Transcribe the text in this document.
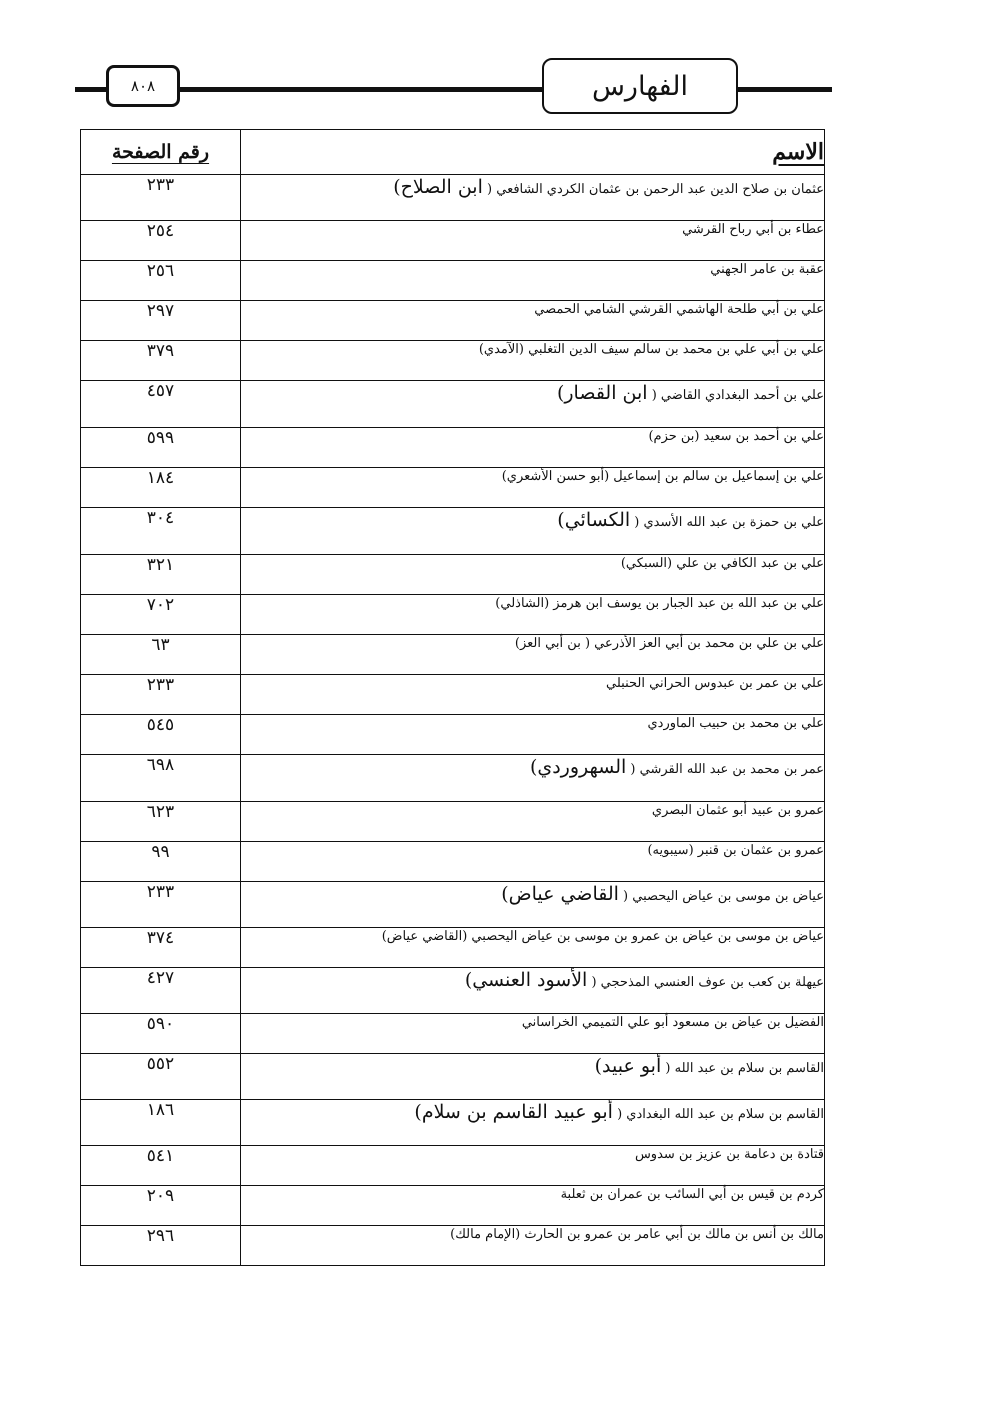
٨٠٨	الفهارس
الاسم	رقم الصفحة
عثمان بن صلاح الدين عبد الرحمن بن عثمان الكردي الشافعي ( ابن الصلاح)	٢٣٣
عطاء بن أبي رباح القرشي	٢٥٤
عقبة بن عامر الجهني	٢٥٦
علي بن أبي طلحة الهاشمي القرشي الشامي الحمصي	٢٩٧
علي بن أبي علي بن محمد بن سالم سيف الدين التغلبي (الآمدي)	٣٧٩
علي بن أحمد البغدادي القاضي ( ابن القصار)	٤٥٧
علي بن أحمد بن سعيد (بن حزم)	٥٩٩
علي بن إسماعيل بن سالم بن إسماعيل (أبو حسن الأشعري)	١٨٤
علي بن حمزة بن عبد الله الأسدي ( الكسائي)	٣٠٤
علي بن عبد الكافي بن علي (السبكي)	٣٢١
علي بن عبد الله بن عبد الجبار بن يوسف ابن هرمز (الشاذلي)	٧٠٢
علي بن علي بن محمد بن أبي العز الأذرعي ( بن أبي العز)	٦٣
علي بن عمر بن عبدوس الحراني الحنبلي	٢٣٣
علي بن محمد بن حبيب الماوردي	٥٤٥
عمر بن محمد بن عبد الله القرشي ( السهروردي)	٦٩٨
عمرو بن عبيد أبو عثمان البصري	٦٢٣
عمرو بن عثمان بن قنبر (سيبويه)	٩٩
عياض بن موسى بن عياض اليحصبي ( القاضي عياض)	٢٣٣
عياض بن موسى بن عياض بن عمرو بن موسى بن عياض اليحصبي (القاضي عياض)	٣٧٤
عيهلة بن كعب بن عوف العنسي المذحجي ( الأسود العنسي)	٤٢٧
الفضيل بن عياض بن مسعود أبو علي التميمي الخراساني	٥٩٠
القاسم بن سلام بن عبد الله ( أبو عبيد)	٥٥٢
القاسم بن سلام بن عبد الله البغدادي ( أبو عبيد القاسم بن سلام)	١٨٦
قتادة بن دعامة بن عزيز بن سدوس	٥٤١
كردم بن قيس بن أبي السائب بن عمران بن ثعلبة	٢٠٩
مالك بن أنس بن مالك بن أبي عامر بن عمرو بن الحارث (الإمام مالك)	٢٩٦
